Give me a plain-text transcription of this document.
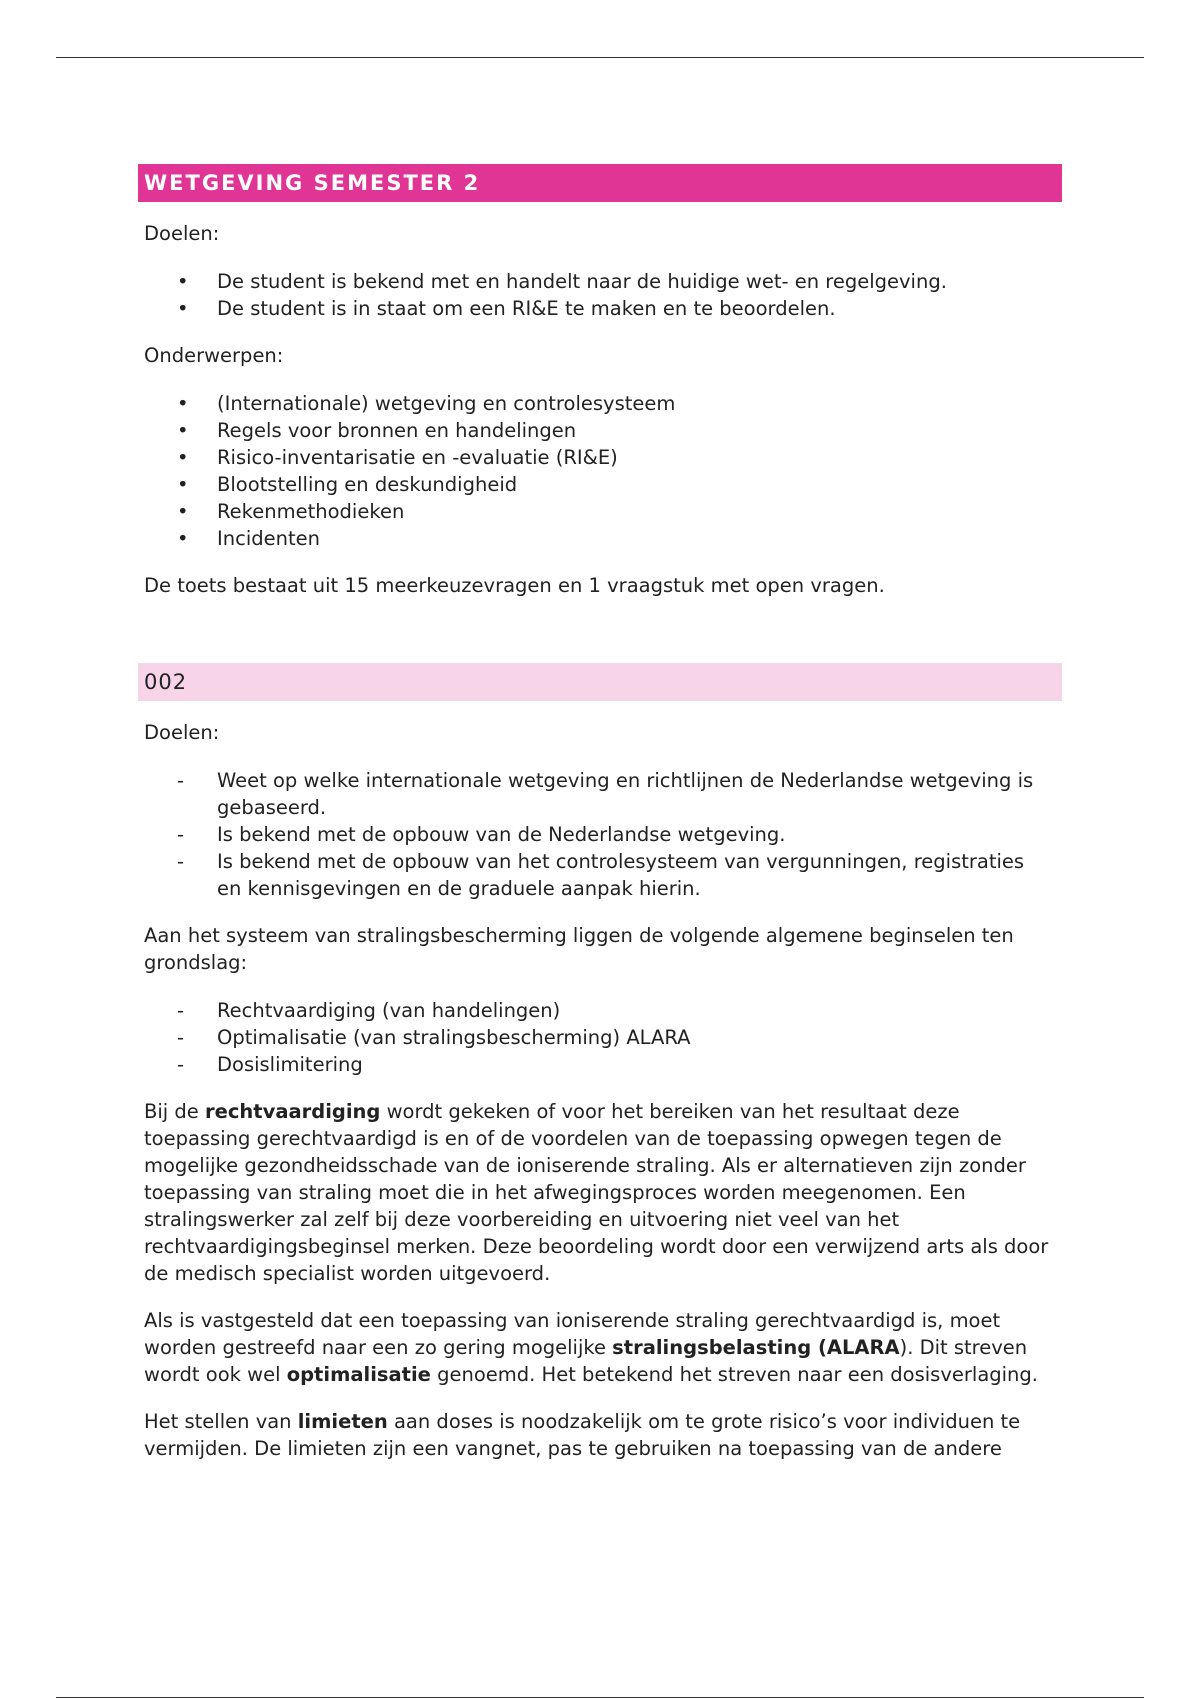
WETGEVING SEMESTER 2

Doelen:

• De student is bekend met en handelt naar de huidige wet- en regelgeving.
• De student is in staat om een RI&E te maken en te beoordelen.

Onderwerpen:

• (Internationale) wetgeving en controlesysteem
• Regels voor bronnen en handelingen
• Risico-inventarisatie en -evaluatie (RI&E)
• Blootstelling en deskundigheid
• Rekenmethodieken
• Incidenten

De toets bestaat uit 15 meerkeuzevragen en 1 vraagstuk met open vragen.

002

Doelen:

- Weet op welke internationale wetgeving en richtlijnen de Nederlandse wetgeving is gebaseerd.
- Is bekend met de opbouw van de Nederlandse wetgeving.
- Is bekend met de opbouw van het controlesysteem van vergunningen, registraties en kennisgevingen en de graduele aanpak hierin.

Aan het systeem van stralingsbescherming liggen de volgende algemene beginselen ten grondslag:

- Rechtvaardiging (van handelingen)
- Optimalisatie (van stralingsbescherming) ALARA
- Dosislimitering

Bij de rechtvaardiging wordt gekeken of voor het bereiken van het resultaat deze toepassing gerechtvaardigd is en of de voordelen van de toepassing opwegen tegen de mogelijke gezondheidsschade van de ioniserende straling. Als er alternatieven zijn zonder toepassing van straling moet die in het afwegingsproces worden meegenomen. Een stralingswerker zal zelf bij deze voorbereiding en uitvoering niet veel van het rechtvaardigingsbeginsel merken. Deze beoordeling wordt door een verwijzend arts als door de medisch specialist worden uitgevoerd.

Als is vastgesteld dat een toepassing van ioniserende straling gerechtvaardigd is, moet worden gestreefd naar een zo gering mogelijke stralingsbelasting (ALARA). Dit streven wordt ook wel optimalisatie genoemd. Het betekend het streven naar een dosisverlaging.

Het stellen van limieten aan doses is noodzakelijk om te grote risico’s voor individuen te vermijden. De limieten zijn een vangnet, pas te gebruiken na toepassing van de andere
